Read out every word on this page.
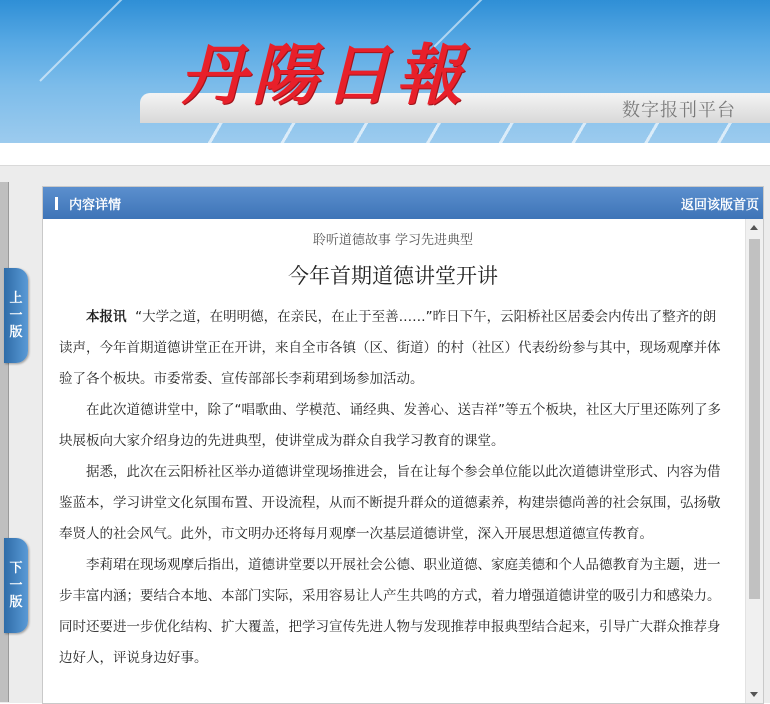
丹陽日報	数字报刊平台
上
一
版
下
一
版
内容详情	返回该版首页
聆听道德故事 学习先进典型
今年首期道德讲堂开讲

本报讯 “大学之道，在明明德，在亲民，在止于至善……”昨日下午，云阳桥社区居委会内传出了整齐的朗读声，今年首期道德讲堂正在开讲，来自全市各镇（区、街道）的村（社区）代表纷纷参与其中，现场观摩并体验了各个板块。市委常委、宣传部部长李莉珺到场参加活动。

在此次道德讲堂中，除了“唱歌曲、学模范、诵经典、发善心、送吉祥”等五个板块，社区大厅里还陈列了多块展板向大家介绍身边的先进典型，使讲堂成为群众自我学习教育的课堂。

据悉，此次在云阳桥社区举办道德讲堂现场推进会，旨在让每个参会单位能以此次道德讲堂形式、内容为借鉴蓝本，学习讲堂文化氛围布置、开设流程，从而不断提升群众的道德素养，构建崇德尚善的社会氛围，弘扬敬奉贤人的社会风气。此外，市文明办还将每月观摩一次基层道德讲堂，深入开展思想道德宣传教育。

李莉珺在现场观摩后指出，道德讲堂要以开展社会公德、职业道德、家庭美德和个人品德教育为主题，进一步丰富内涵；要结合本地、本部门实际，采用容易让人产生共鸣的方式，着力增强道德讲堂的吸引力和感染力。同时还要进一步优化结构、扩大覆盖，把学习宣传先进人物与发现推荐申报典型结合起来，引导广大群众推荐身边好人，评说身边好事。
